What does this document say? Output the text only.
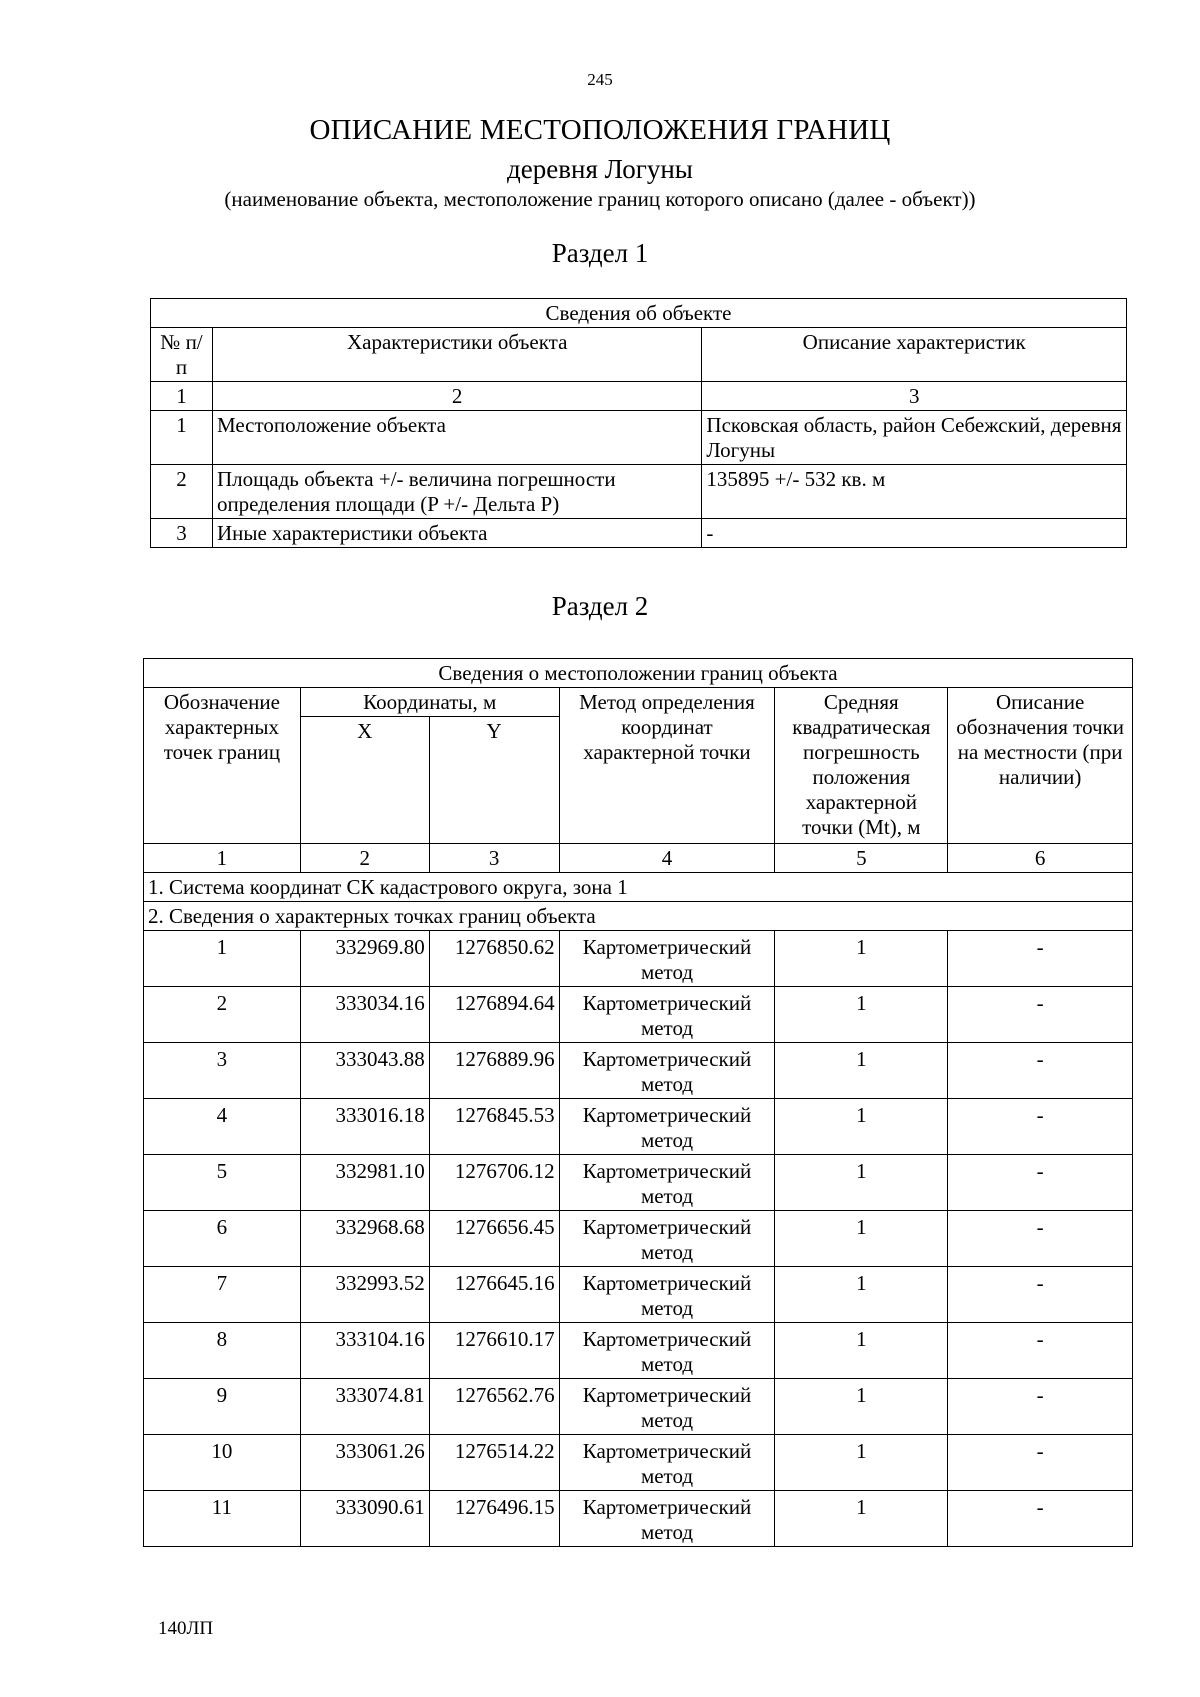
245
ОПИСАНИЕ МЕСТОПОЛОЖЕНИЯ ГРАНИЦ
деревня Логуны
(наименование объекта, местоположение границ которого описано (далее - объект))
Раздел 1
Сведения об объекте		
№ п/п	Характеристики объекта	Описание характеристик
1	2	3
1	Местоположение объекта	Псковская область, район Себежский, деревня Логуны
2	Площадь объекта +/- величина погрешности определения площади (P +/- Дельта P)	135895 +/- 532 кв. м
3	Иные характеристики объекта	-
Раздел 2
Сведения о местоположении границ объекта					
Обозначение характерных точек границ	Координаты, м		Метод определения координат характерной точки	Средняя квадратическая погрешность положения характерной точки (Mt), м	Описание обозначения точки на местности (при наличии)
	X	Y			
1	2	3	4	5	6
1. Система координат СК кадастрового округа, зона 1					
2. Сведения о характерных точках границ объекта					
1	332969.80	1276850.62	Картометрический метод	1	-
2	333034.16	1276894.64	Картометрический метод	1	-
3	333043.88	1276889.96	Картометрический метод	1	-
4	333016.18	1276845.53	Картометрический метод	1	-
5	332981.10	1276706.12	Картометрический метод	1	-
6	332968.68	1276656.45	Картометрический метод	1	-
7	332993.52	1276645.16	Картометрический метод	1	-
8	333104.16	1276610.17	Картометрический метод	1	-
9	333074.81	1276562.76	Картометрический метод	1	-
10	333061.26	1276514.22	Картометрический метод	1	-
11	333090.61	1276496.15	Картометрический метод	1	-
140ЛП
